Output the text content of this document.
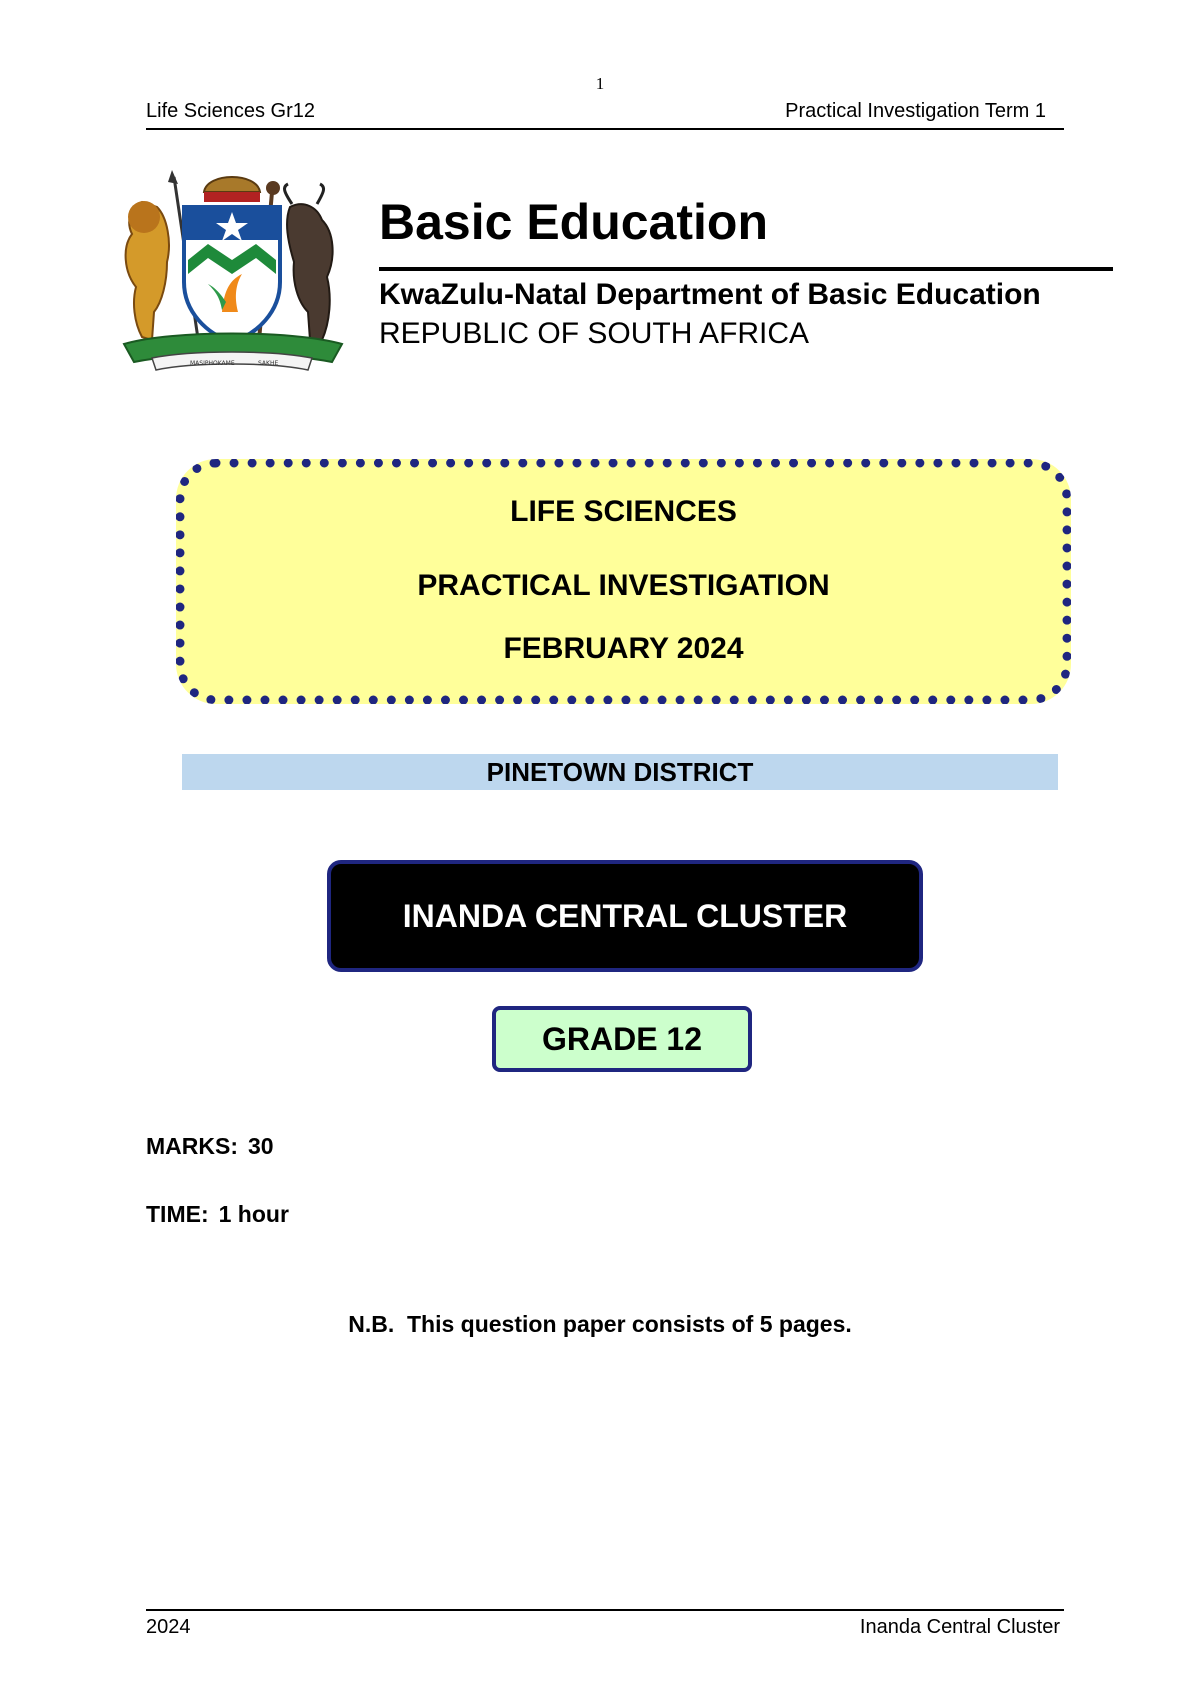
1
Life Sciences Gr12	Practical Investigation Term 1
MASIPHOKAME	SAKHE
Basic Education
KwaZulu-Natal Department of Basic Education
REPUBLIC OF SOUTH AFRICA
LIFE SCIENCES
PRACTICAL INVESTIGATION
FEBRUARY 2024
PINETOWN DISTRICT
INANDA CENTRAL CLUSTER
GRADE 12
MARKS: 30
TIME: 1 hour
N.B.  This question paper consists of 5 pages.
2024	Inanda Central Cluster
